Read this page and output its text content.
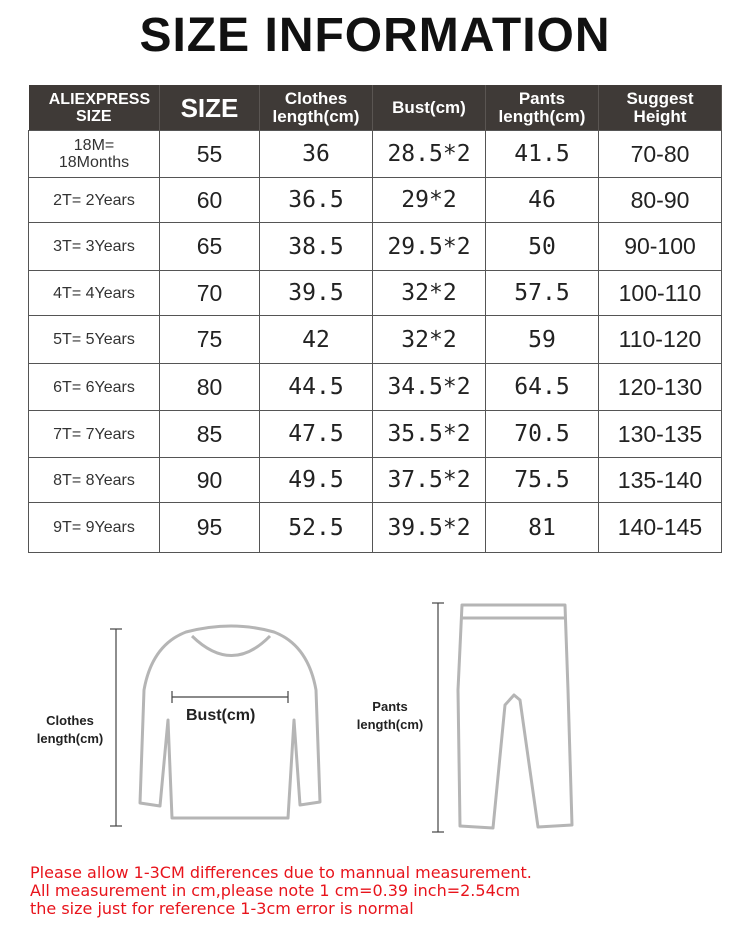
SIZE INFORMATION
ALIEXPRESS SIZE	SIZE	Clothes length(cm)	Bust(cm)	Pants length(cm)	Suggest Height

18M= 18Months	55	36	28.5*2	41.5	70-80

2T= 2Years	60	36.5	29*2	46	80-90

3T= 3Years	65	38.5	29.5*2	50	90-100

4T= 4Years	70	39.5	32*2	57.5	100-110

5T= 5Years	75	42	32*2	59	110-120

6T= 6Years	80	44.5	34.5*2	64.5	120-130

7T= 7Years	85	47.5	35.5*2	70.5	130-135

8T= 8Years	90	49.5	37.5*2	75.5	135-140

9T= 9Years	95	52.5	39.5*2	81	140-145
Clothes length(cm)
Bust(cm)
Pants length(cm)
Please allow 1-3CM differences due to mannual measurement.
All measurement in cm,please note 1 cm=0.39 inch=2.54cm
the size just for reference 1-3cm error is normal
